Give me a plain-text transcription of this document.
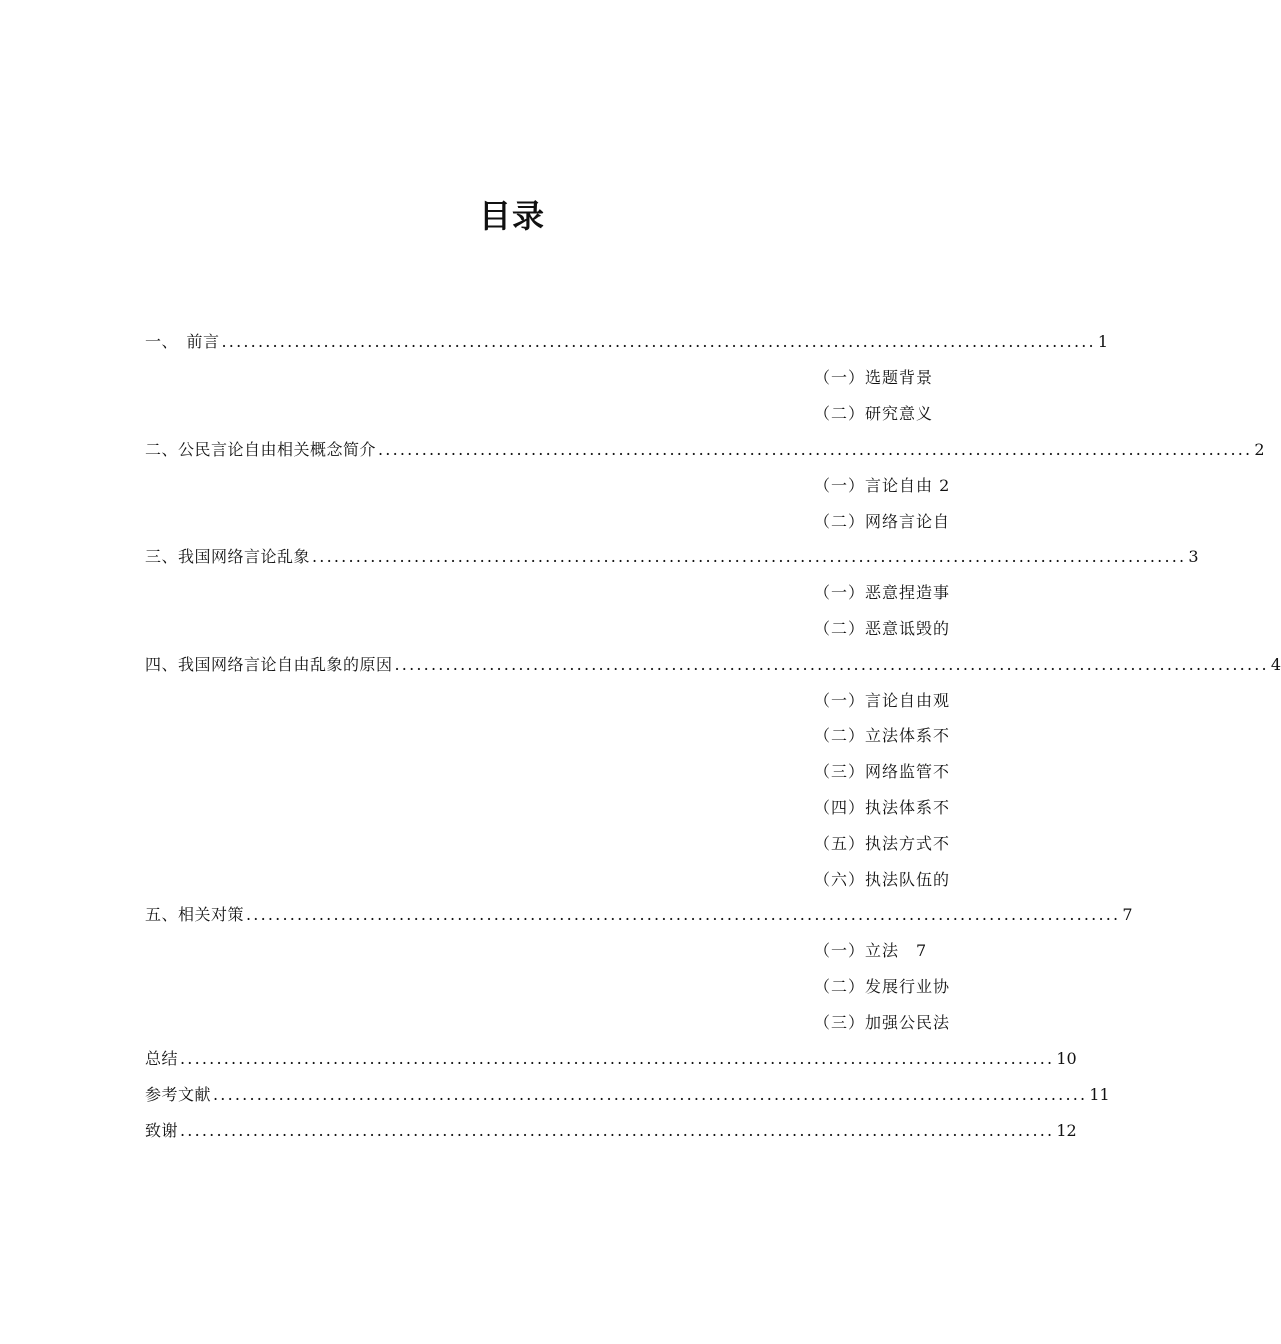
目录
一、　前言 ........................................................................................................................ 1
（一）选题背景
（二）研究意义
二、公民言论自由相关概念简介 ........................................................................................................................ 2
（一）言论自由 2
（二）网络言论自
三、我国网络言论乱象 ........................................................................................................................ 3
（一）恶意捏造事
（二）恶意诋毁的
四、我国网络言论自由乱象的原因 ........................................................................................................................ 4
（一）言论自由观
（二）立法体系不
（三）网络监管不
（四）执法体系不
（五）执法方式不
（六）执法队伍的
五、相关对策 ........................................................................................................................ 7
（一）立法　7
（二）发展行业协
（三）加强公民法
总结 ........................................................................................................................ 10
参考文献 ........................................................................................................................ 11
致谢 ........................................................................................................................ 12
